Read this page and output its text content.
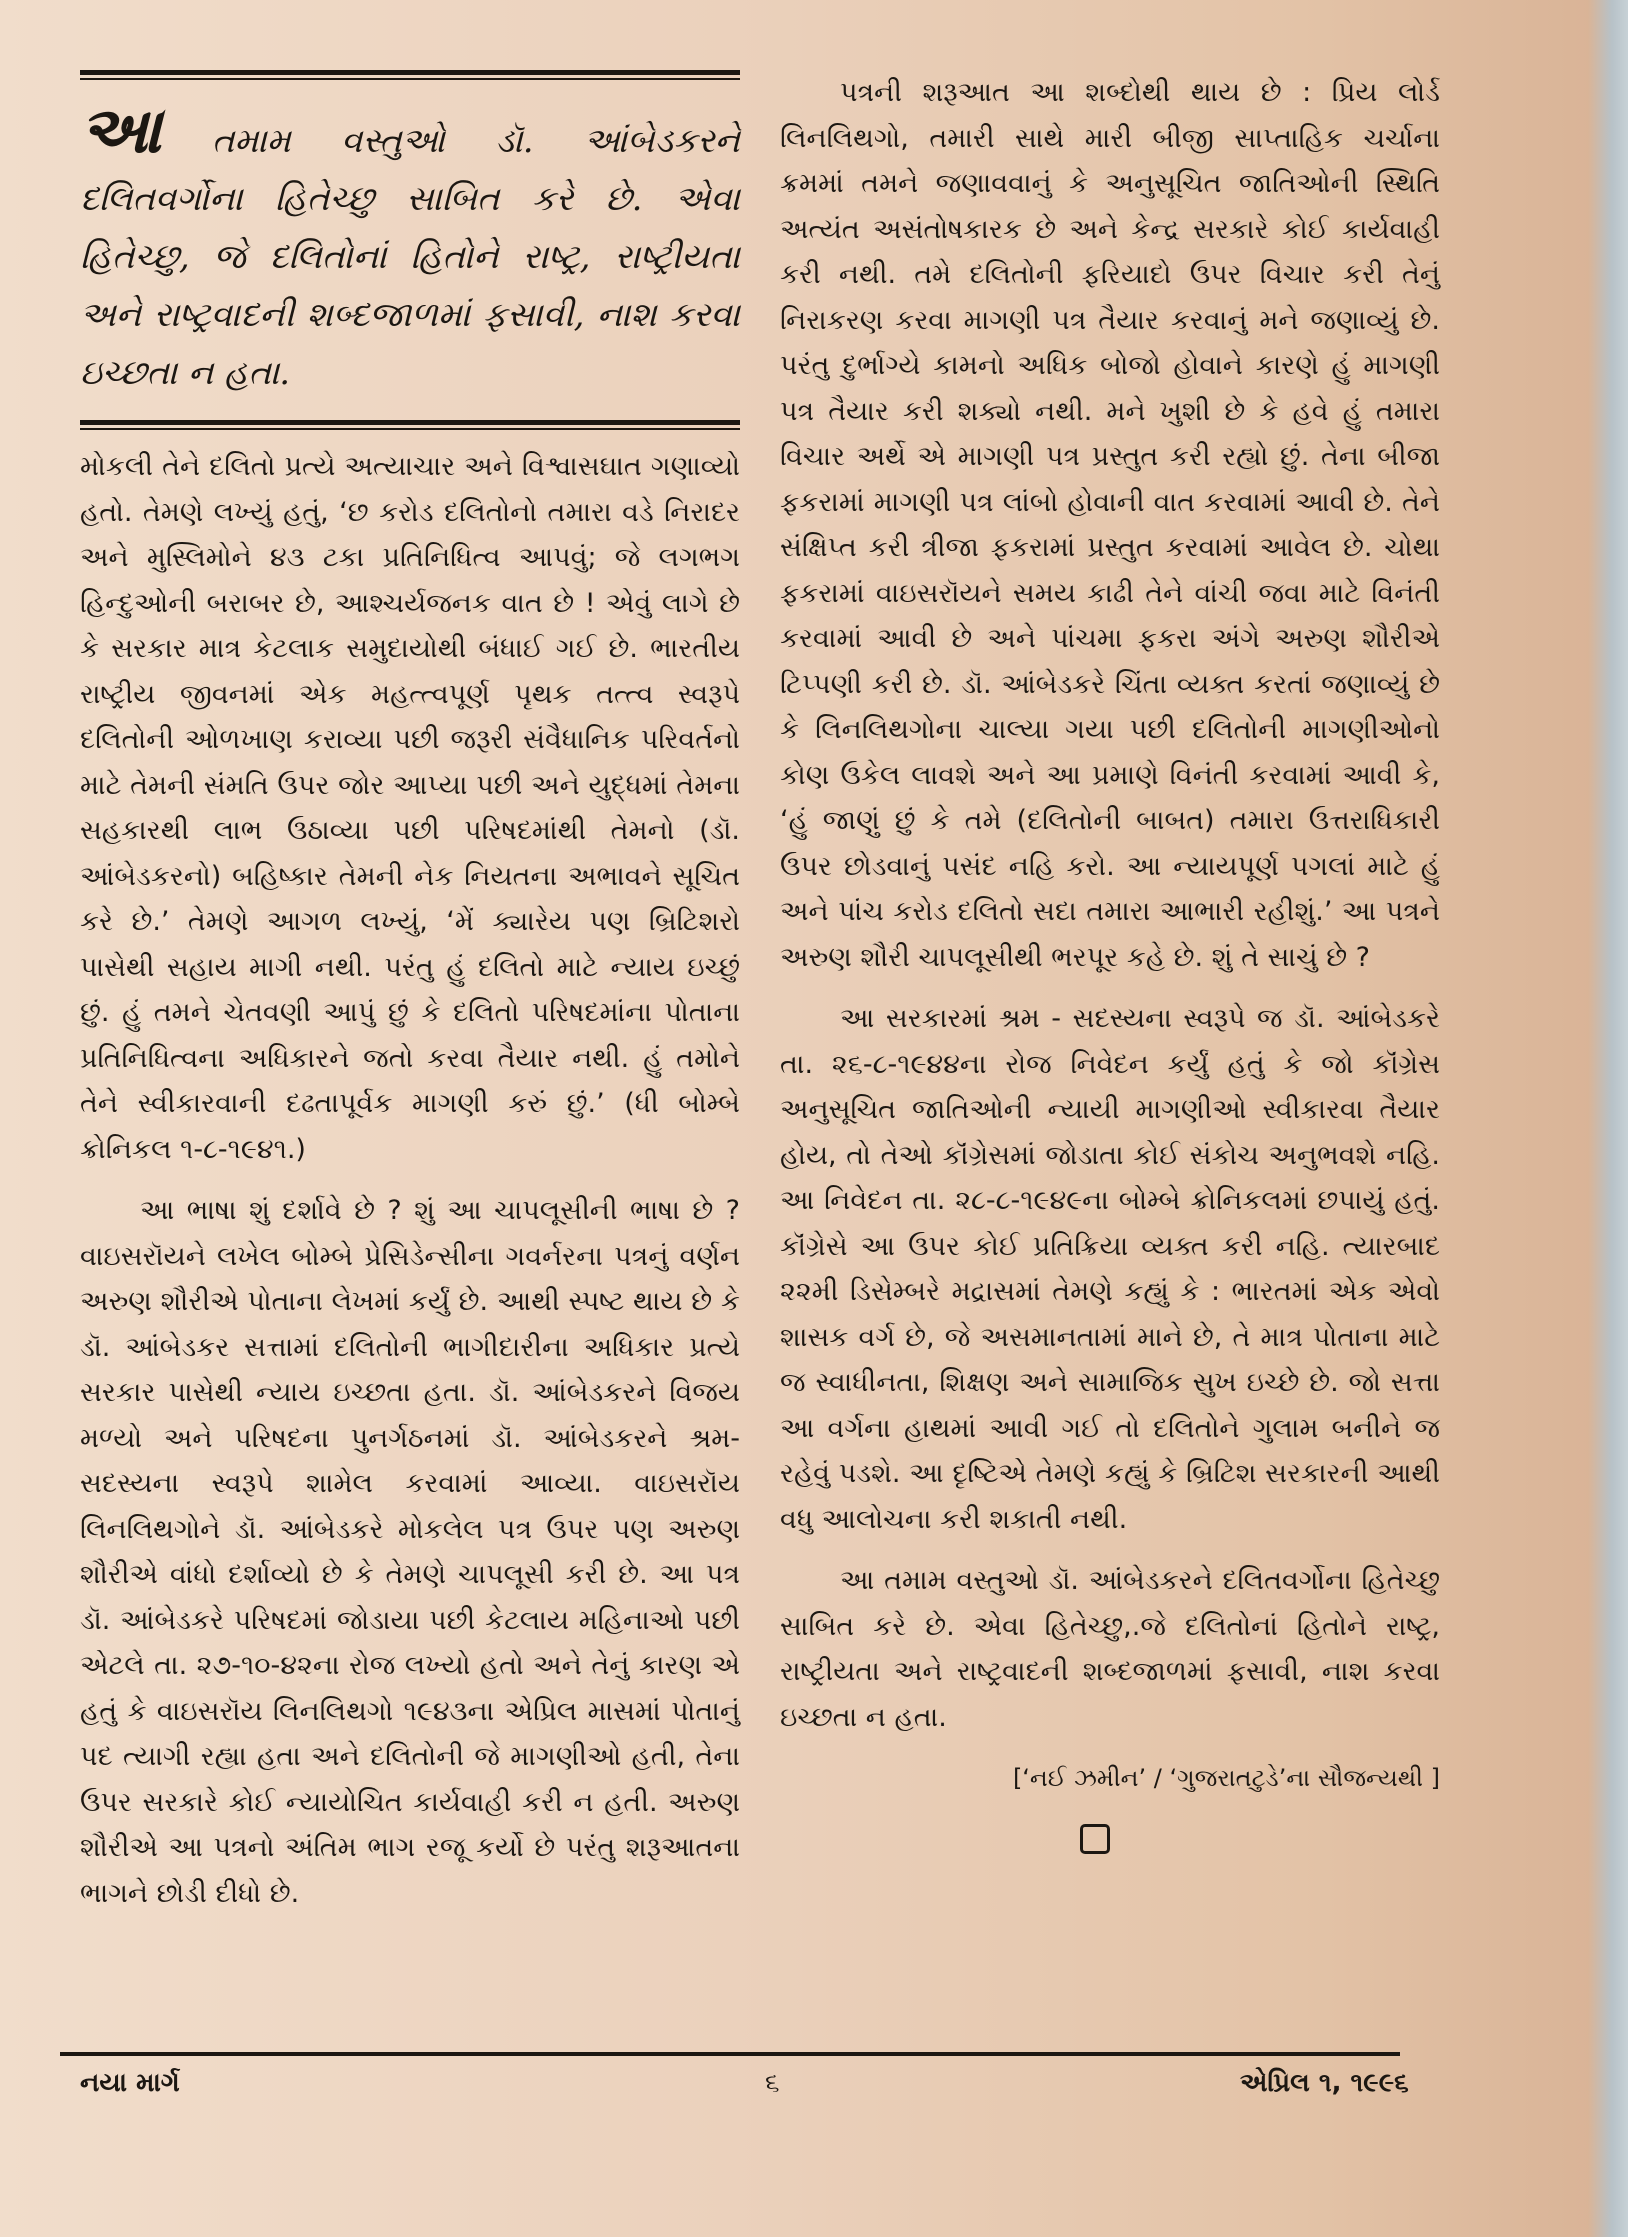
આ તમામ વસ્તુઓ ડૉ. આંબેડકરને દલિતવર્ગોના હિતેચ્છુ સાબિત કરે છે. એવા હિતેચ્છુ, જે દલિતોનાં હિતોને રાષ્ટ્ર, રાષ્ટ્રીયતા અને રાષ્ટ્રવાદની શબ્દજાળમાં ફસાવી, નાશ કરવા ઇચ્છતા ન હતા.

મોકલી તેને દલિતો પ્રત્યે અત્યાચાર અને વિશ્વાસઘાત ગણાવ્યો હતો. તેમણે લખ્યું હતું, ‘છ કરોડ દલિતોનો તમારા વડે નિરાદર અને મુસ્લિમોને ૪૩ ટકા પ્રતિનિધિત્વ આપવું; જે લગભગ હિન્દુઓની બરાબર છે, આશ્ચર્યજનક વાત છે ! એવું લાગે છે કે સરકાર માત્ર કેટલાક સમુદાયોથી બંધાઈ ગઈ છે. ભારતીય રાષ્ટ્રીય જીવનમાં એક મહત્ત્વપૂર્ણ પૃથક તત્ત્વ સ્વરૂપે દલિતોની ઓળખાણ કરાવ્યા પછી જરૂરી સંવૈધાનિક પરિવર્તનો માટે તેમની સંમતિ ઉપર જોર આપ્યા પછી અને યુદ્ધમાં તેમના સહકારથી લાભ ઉઠાવ્યા પછી પરિષદમાંથી તેમનો (ડૉ. આંબેડકરનો) બહિષ્કાર તેમની નેક નિયતના અભાવને સૂચિત કરે છે.’ તેમણે આગળ લખ્યું, ‘મેં ક્યારેય પણ બ્રિટિશરો પાસેથી સહાય માગી નથી. પરંતુ હું દલિતો માટે ન્યાય ઇચ્છું છું. હું તમને ચેતવણી આપું છું કે દલિતો પરિષદમાંના પોતાના પ્રતિનિધિત્વના અધિકારને જતો કરવા તૈયાર નથી. હું તમોને તેને સ્વીકારવાની દઢતાપૂર્વક માગણી કરું છું.’ (ધી બોમ્બે ક્રોનિકલ ૧-૮-૧૯૪૧.)

આ ભાષા શું દર્શાવે છે ? શું આ ચાપલૂસીની ભાષા છે ? વાઇસરૉયને લખેલ બોમ્બે પ્રેસિડેન્સીના ગવર્નરના પત્રનું વર્ણન અરુણ શૌરીએ પોતાના લેખમાં કર્યું છે. આથી સ્પષ્ટ થાય છે કે ડૉ. આંબેડકર સત્તામાં દલિતોની ભાગીદારીના અધિકાર પ્રત્યે સરકાર પાસેથી ન્યાય ઇચ્છતા હતા. ડૉ. આંબેડકરને વિજય મળ્યો અને પરિષદના પુનર્ગઠનમાં ડૉ. આંબેડકરને શ્રમ-સદસ્યના સ્વરૂપે શામેલ કરવામાં આવ્યા. વાઇસરૉય લિનલિથગોને ડૉ. આંબેડકરે મોકલેલ પત્ર ઉપર પણ અરુણ શૌરીએ વાંધો દર્શાવ્યો છે કે તેમણે ચાપલૂસી કરી છે. આ પત્ર ડૉ. આંબેડકરે પરિષદમાં જોડાયા પછી કેટલાય મહિનાઓ પછી એટલે તા. ૨૭-૧૦-૪૨ના રોજ લખ્યો હતો અને તેનું કારણ એ હતું કે વાઇસરૉય લિનલિથગો ૧૯૪૩ના એપ્રિલ માસમાં પોતાનું પદ ત્યાગી રહ્યા હતા અને દલિતોની જે માગણીઓ હતી, તેના ઉપર સરકારે કોઈ ન્યાયોચિત કાર્યવાહી કરી ન હતી. અરુણ શૌરીએ આ પત્રનો અંતિમ ભાગ રજૂ કર્યો છે પરંતુ શરૂઆતના ભાગને છોડી દીધો છે.

પત્રની શરૂઆત આ શબ્દોથી થાય છે : પ્રિય લોર્ડ લિનલિથગો, તમારી સાથે મારી બીજી સાપ્તાહિક ચર્ચાના ક્રમમાં તમને જણાવવાનું કે અનુસૂચિત જાતિઓની સ્થિતિ અત્યંત અસંતોષકારક છે અને કેન્દ્ર સરકારે કોઈ કાર્યવાહી કરી નથી. તમે દલિતોની ફરિયાદો ઉપર વિચાર કરી તેનું નિરાકરણ કરવા માગણી પત્ર તૈયાર કરવાનું મને જણાવ્યું છે. પરંતુ દુર્ભાગ્યે કામનો અધિક બોજો હોવાને કારણે હું માગણી પત્ર તૈયાર કરી શક્યો નથી. મને ખુશી છે કે હવે હું તમારા વિચાર અર્થે એ માગણી પત્ર પ્રસ્તુત કરી રહ્યો છું. તેના બીજા ફકરામાં માગણી પત્ર લાંબો હોવાની વાત કરવામાં આવી છે. તેને સંક્ષિપ્ત કરી ત્રીજા ફકરામાં પ્રસ્તુત કરવામાં આવેલ છે. ચોથા ફકરામાં વાઇસરૉયને સમય કાઢી તેને વાંચી જવા માટે વિનંતી કરવામાં આવી છે અને પાંચમા ફકરા અંગે અરુણ શૌરીએ ટિપ્પણી કરી છે. ડૉ. આંબેડકરે ચિંતા વ્યક્ત કરતાં જણાવ્યું છે કે લિનલિથગોના ચાલ્યા ગયા પછી દલિતોની માગણીઓનો કોણ ઉકેલ લાવશે અને આ પ્રમાણે વિનંતી કરવામાં આવી કે, ‘હું જાણું છું કે તમે (દલિતોની બાબત) તમારા ઉત્તરાધિકારી ઉપર છોડવાનું પસંદ નહિ કરો. આ ન્યાયપૂર્ણ પગલાં માટે હું અને પાંચ કરોડ દલિતો સદા તમારા આભારી રહીશું.’ આ પત્રને અરુણ શૌરી ચાપલૂસીથી ભરપૂર કહે છે. શું તે સાચું છે ?

આ સરકારમાં શ્રમ - સદસ્યના સ્વરૂપે જ ડૉ. આંબેડકરે તા. ૨૬-૮-૧૯૪૪ના રોજ નિવેદન કર્યું હતું કે જો કૉંગ્રેસ અનુસૂચિત જાતિઓની ન્યાયી માગણીઓ સ્વીકારવા તૈયાર હોય, તો તેઓ કૉંગ્રેસમાં જોડાતા કોઈ સંકોચ અનુભવશે નહિ. આ નિવેદન તા. ૨૮-૮-૧૯૪૯ના બોમ્બે ક્રોનિકલમાં છપાયું હતું. કૉંગ્રેસે આ ઉપર કોઈ પ્રતિક્રિયા વ્યક્ત કરી નહિ. ત્યારબાદ ૨૨મી ડિસેમ્બરે મદ્રાસમાં તેમણે કહ્યું કે : ભારતમાં એક એવો શાસક વર્ગ છે, જે અસમાનતામાં માને છે, તે માત્ર પોતાના માટે જ સ્વાધીનતા, શિક્ષણ અને સામાજિક સુખ ઇચ્છે છે. જો સત્તા આ વર્ગના હાથમાં આવી ગઈ તો દલિતોને ગુલામ બનીને જ રહેવું પડશે. આ દૃષ્ટિએ તેમણે કહ્યું કે બ્રિટિશ સરકારની આથી વધુ આલોચના કરી શકાતી નથી.

આ તમામ વસ્તુઓ ડૉ. આંબેડકરને દલિતવર્ગોના હિતેચ્છુ સાબિત કરે છે. એવા હિતેચ્છુ,.જે દલિતોનાં હિતોને રાષ્ટ્ર, રાષ્ટ્રીયતા અને રાષ્ટ્રવાદની શબ્દજાળમાં ફસાવી, નાશ કરવા ઇચ્છતા ન હતા.

[‘નઈ ઝમીન’ / ‘ગુજરાતટુડે’ના સૌજન્યથી ]
નયા માર્ગ	૬	એપ્રિલ ૧, ૧૯૯૬
